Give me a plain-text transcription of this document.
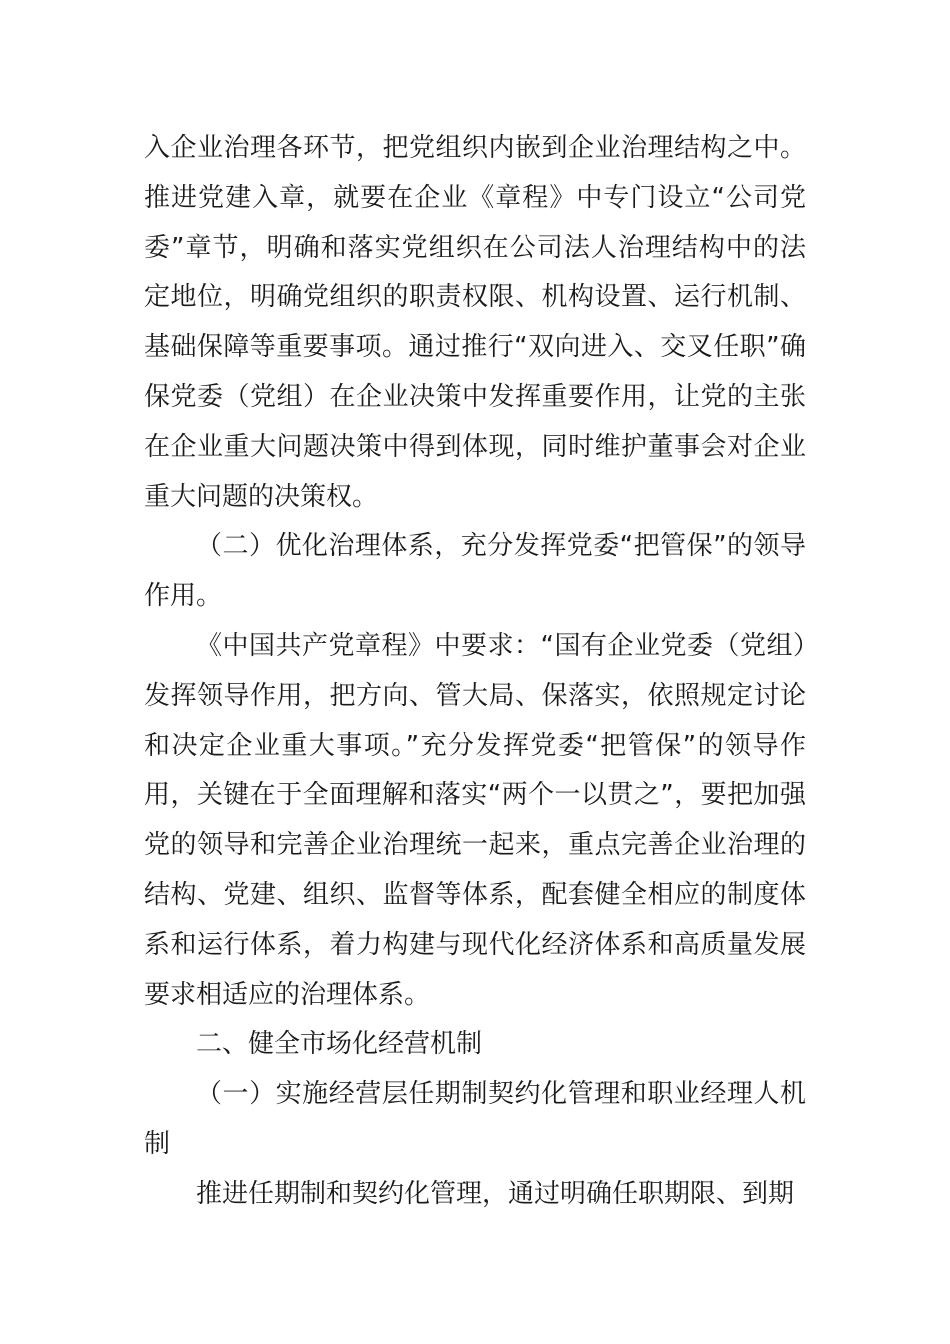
入企业治理各环节，把党组织内嵌到企业治理结构之中。推进党建入章，就要在企业《章程》中专门设立“公司党委”章节，明确和落实党组织在公司法人治理结构中的法定地位，明确党组织的职责权限、机构设置、运行机制、基础保障等重要事项。通过推行“双向进入、交叉任职”确保党委（党组）在企业决策中发挥重要作用，让党的主张在企业重大问题决策中得到体现，同时维护董事会对企业重大问题的决策权。

（二）优化治理体系，充分发挥党委“把管保”的领导作用。

《中国共产党章程》中要求：“国有企业党委（党组）发挥领导作用，把方向、管大局、保落实，依照规定讨论和决定企业重大事项。”充分发挥党委“把管保”的领导作用，关键在于全面理解和落实“两个一以贯之”，要把加强党的领导和完善企业治理统一起来，重点完善企业治理的结构、党建、组织、监督等体系，配套健全相应的制度体系和运行体系，着力构建与现代化经济体系和高质量发展要求相适应的治理体系。

二、健全市场化经营机制

（一）实施经营层任期制契约化管理和职业经理人机制

推进任期制和契约化管理，通过明确任职期限、到期
